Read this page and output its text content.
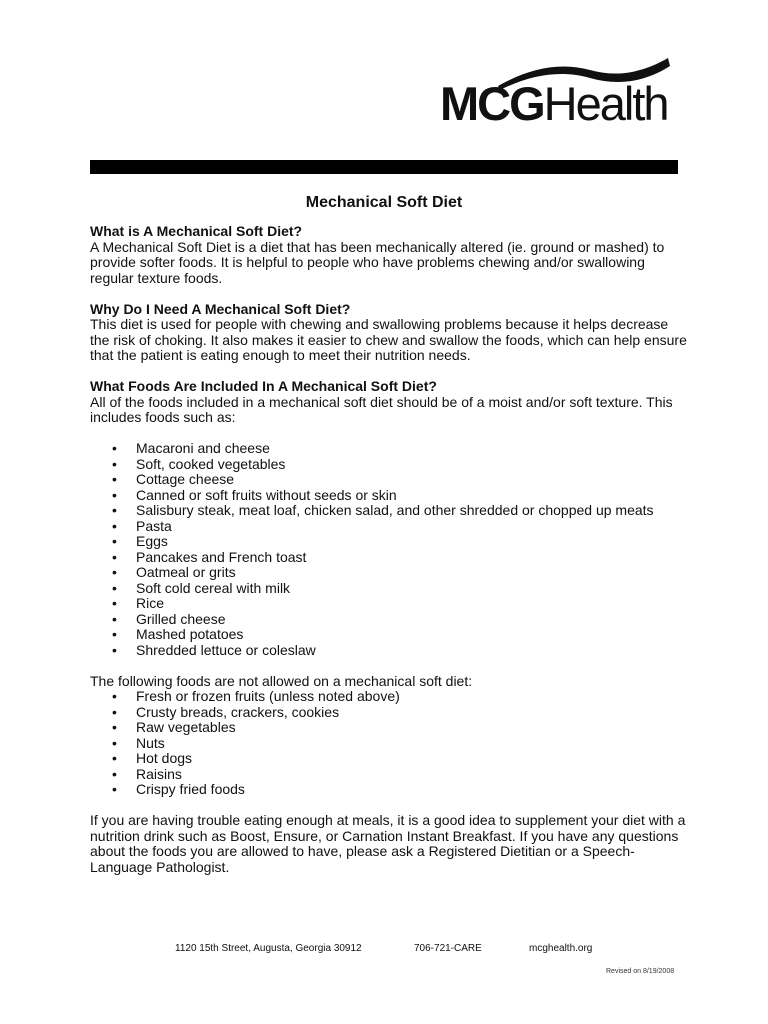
MCGHealth
Mechanical Soft Diet
What is A Mechanical Soft Diet?

A Mechanical Soft Diet is a diet that has been mechanically altered (ie. ground or mashed) to provide softer foods. It is helpful to people who have problems chewing and/or swallowing regular texture foods.

Why Do I Need A Mechanical Soft Diet?

This diet is used for people with chewing and swallowing problems because it helps decrease the risk of choking. It also makes it easier to chew and swallow the foods, which can help ensure that the patient is eating enough to meet their nutrition needs.

What Foods Are Included In A Mechanical Soft Diet?

All of the foods included in a mechanical soft diet should be of a moist and/or soft texture. This includes foods such as:

• Macaroni and cheese
• Soft, cooked vegetables
• Cottage cheese
• Canned or soft fruits without seeds or skin
• Salisbury steak, meat loaf, chicken salad, and other shredded or chopped up meats
• Pasta
• Eggs
• Pancakes and French toast
• Oatmeal or grits
• Soft cold cereal with milk
• Rice
• Grilled cheese
• Mashed potatoes
• Shredded lettuce or coleslaw

The following foods are not allowed on a mechanical soft diet:

• Fresh or frozen fruits (unless noted above)
• Crusty breads, crackers, cookies
• Raw vegetables
• Nuts
• Hot dogs
• Raisins
• Crispy fried foods

If you are having trouble eating enough at meals, it is a good idea to supplement your diet with a nutrition drink such as Boost, Ensure, or Carnation Instant Breakfast. If you have any questions about the foods you are allowed to have, please ask a Registered Dietitian or a Speech-Language Pathologist.

1120 15th Street, Augusta, Georgia 30912	706-721-CARE	mcghealth.org
Revised on 8/19/2008
